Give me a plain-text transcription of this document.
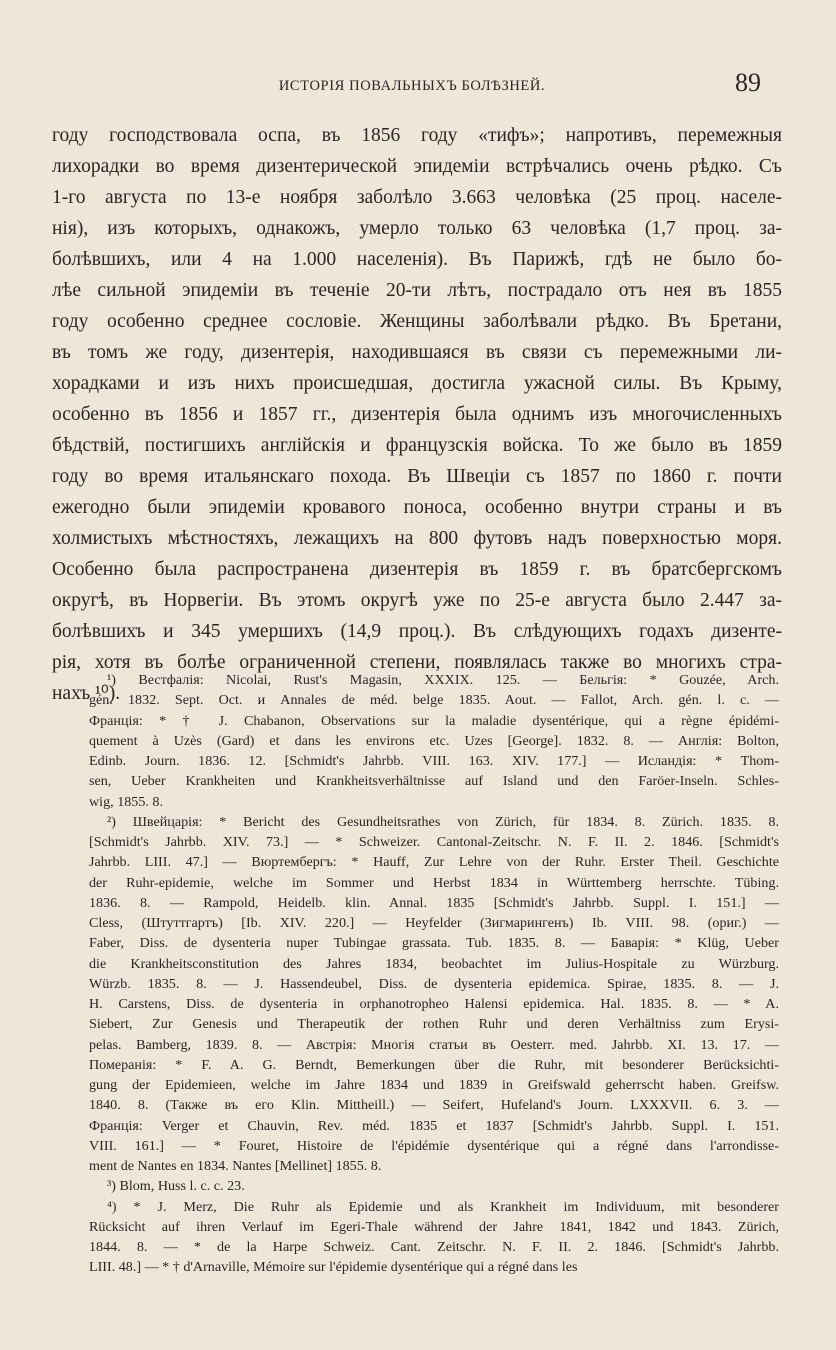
ИСТОРІЯ ПОВАЛЬНЫХЪ БОЛѢЗНЕЙ.	89
году господствовала оспа, въ 1856 году «тифъ»; напротивъ, перемежныя
лихорадки во время дизентерической эпидеміи встрѣчались очень рѣдко. Съ
1-го августа по 13-е ноября заболѣло 3.663 человѣка (25 проц. населе-
нія), изъ которыхъ, однакожъ, умерло только 63 человѣка (1,7 проц. за-
болѣвшихъ, или 4 на 1.000 населенія). Въ Парижѣ, гдѣ не было бо-
лѣе сильной эпидеміи въ теченіе 20-ти лѣтъ, пострадало отъ нея въ 1855
году особенно среднее сословіе. Женщины заболѣвали рѣдко. Въ Бретани,
въ томъ же году, дизентерія, находившаяся въ связи съ перемежными ли-
хорадками и изъ нихъ происшедшая, достигла ужасной силы. Въ Крыму,
особенно въ 1856 и 1857 гг., дизентерія была однимъ изъ многочисленныхъ
бѣдствій, постигшихъ англійскія и французскія войска. То же было въ 1859
году во время итальянскаго похода. Въ Швеціи съ 1857 по 1860 г. почти
ежегодно были эпидеміи кровавого поноса, особенно внутри страны и въ
холмистыхъ мѣстностяхъ, лежащихъ на 800 футовъ надъ поверхностью моря.
Особенно была распространена дизентерія въ 1859 г. въ братсбергскомъ
округѣ, въ Норвегіи. Въ этомъ округѣ уже по 25-е августа было 2.447 за-
болѣвшихъ и 345 умершихъ (14,9 проц.). Въ слѣдующихъ годахъ дизенте-
рія, хотя въ болѣе ограниченной степени, появлялась также во многихъ стра-
нахъ ¹⁰).
¹) Вестфалія: Nicolai, Rust's Magasin, XXXIX. 125. — Бельгія: * Gouzée, Arch.
gén. 1832. Sept. Oct. и Annales de méd. belge 1835. Aout. — Fallot, Arch. gén. l. c. —
Франція: * † J. Chabanon, Observations sur la maladie dysentérique, qui a règne épidémi-
quement à Uzès (Gard) et dans les environs etc. Uzes [George]. 1832. 8. — Англія: Bolton,
Edinb. Journ. 1836. 12. [Schmidt's Jahrbb. VIII. 163. XIV. 177.] — Исландія: * Thom-
sen, Ueber Krankheiten und Krankheitsverhältnisse auf Island und den Faröer-Inseln. Schles-
wig, 1855. 8.
²) Швейцарія: * Bericht des Gesundheitsrathes von Zürich, für 1834. 8. Zürich. 1835. 8.
[Schmidt's Jahrbb. XIV. 73.] — * Schweizer. Cantonal-Zeitschr. N. F. II. 2. 1846. [Schmidt's
Jahrbb. LIII. 47.] — Вюртембергъ: * Hauff, Zur Lehre von der Ruhr. Erster Theil. Geschichte
der Ruhr-epidemie, welche im Sommer und Herbst 1834 in Württemberg herrschte. Tübing.
1836. 8. — Rampold, Heidelb. klin. Annal. 1835 [Schmidt's Jahrbb. Suppl. I. 151.] —
Cless, (Штуттгартъ) [Ib. XIV. 220.] — Heyfelder (Зигмарингенъ) Ib. VIII. 98. (ориг.) —
Faber, Diss. de dysenteria nuper Tubingae grassata. Tub. 1835. 8. — Баварія: * Klüg, Ueber
die Krankheitsconstitution des Jahres 1834, beobachtet im Julius-Hospitale zu Würzburg.
Würzb. 1835. 8. — J. Hassendeubel, Diss. de dysenteria epidemica. Spirae, 1835. 8. — J.
H. Carstens, Diss. de dysenteria in orphanotropheo Halensi epidemica. Hal. 1835. 8. — * A.
Siebert, Zur Genesis und Therapeutik der rothen Ruhr und deren Verhältniss zum Erysi-
pelas. Bamberg, 1839. 8. — Австрія: Многія статьи въ Oesterr. med. Jahrbb. XI. 13. 17. —
Померанія: * F. A. G. Berndt, Bemerkungen über die Ruhr, mit besonderer Berücksichti-
gung der Epidemieen, welche im Jahre 1834 und 1839 in Greifswald geherrscht haben. Greifsw.
1840. 8. (Также въ его Klin. Mittheill.) — Seifert, Hufeland's Journ. LXXXVII. 6. 3. —
Франція: Verger et Chauvin, Rev. méd. 1835 et 1837 [Schmidt's Jahrbb. Suppl. I. 151.
VIII. 161.] — * Fouret, Histoire de l'épidémie dysentérique qui a régné dans l'arrondisse-
ment de Nantes en 1834. Nantes [Mellinet] 1855. 8.
³) Blom, Huss l. c. c. 23.
⁴) * J. Merz, Die Ruhr als Epidemie und als Krankheit im Individuum, mit besonderer
Rücksicht auf ihren Verlauf im Egeri-Thale während der Jahre 1841, 1842 und 1843. Zürich,
1844. 8. — * de la Harpe Schweiz. Cant. Zeitschr. N. F. II. 2. 1846. [Schmidt's Jahrbb.
LIII. 48.] — * † d'Arnaville, Mémoire sur l'épidemie dysentérique qui a régné dans les
